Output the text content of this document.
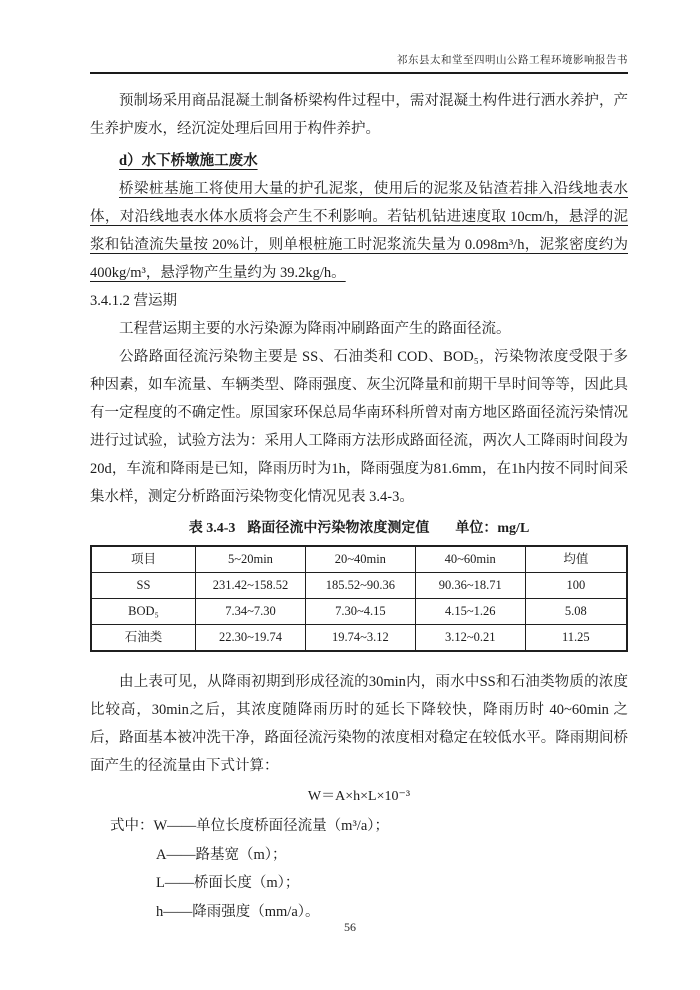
祁东县太和堂至四明山公路工程环境影响报告书
预制场采用商品混凝土制备桥梁构件过程中，需对混凝土构件进行洒水养护，产生养护废水，经沉淀处理后回用于构件养护。
d）水下桥墩施工废水
桥梁桩基施工将使用大量的护孔泥浆，使用后的泥浆及钻渣若排入沿线地表水体，对沿线地表水体水质将会产生不利影响。若钻机钻进速度取 10cm/h，悬浮的泥浆和钻渣流失量按 20%计，则单根桩施工时泥浆流失量为 0.098m³/h，泥浆密度约为400kg/m³，悬浮物产生量约为 39.2kg/h。
3.4.1.2 营运期
工程营运期主要的水污染源为降雨冲刷路面产生的路面径流。
公路路面径流污染物主要是 SS、石油类和 COD、BOD₅，污染物浓度受限于多种因素，如车流量、车辆类型、降雨强度、灰尘沉降量和前期干旱时间等等，因此具有一定程度的不确定性。原国家环保总局华南环科所曾对南方地区路面径流污染情况进行过试验，试验方法为：采用人工降雨方法形成路面径流，两次人工降雨时间段为20d，车流和降雨是已知，降雨历时为1h，降雨强度为81.6mm，在1h内按不同时间采集水样，测定分析路面污染物变化情况见表 3.4-3。
表 3.4-3 路面径流中污染物浓度测定值 单位：mg/L
项目	5~20min	20~40min	40~60min	均值
SS	231.42~158.52	185.52~90.36	90.36~18.71	100
BOD₅	7.34~7.30	7.30~4.15	4.15~1.26	5.08
石油类	22.30~19.74	19.74~3.12	3.12~0.21	11.25
由上表可见，从降雨初期到形成径流的30min内，雨水中SS和石油类物质的浓度比较高，30min之后，其浓度随降雨历时的延长下降较快，降雨历时 40~60min 之后，路面基本被冲洗干净，路面径流污染物的浓度相对稳定在较低水平。降雨期间桥面产生的径流量由下式计算：
W＝A×h×L×10⁻³
式中：W——单位长度桥面径流量（m³/a）；
A——路基宽（m）；
L——桥面长度（m）；
h——降雨强度（mm/a）。
56
